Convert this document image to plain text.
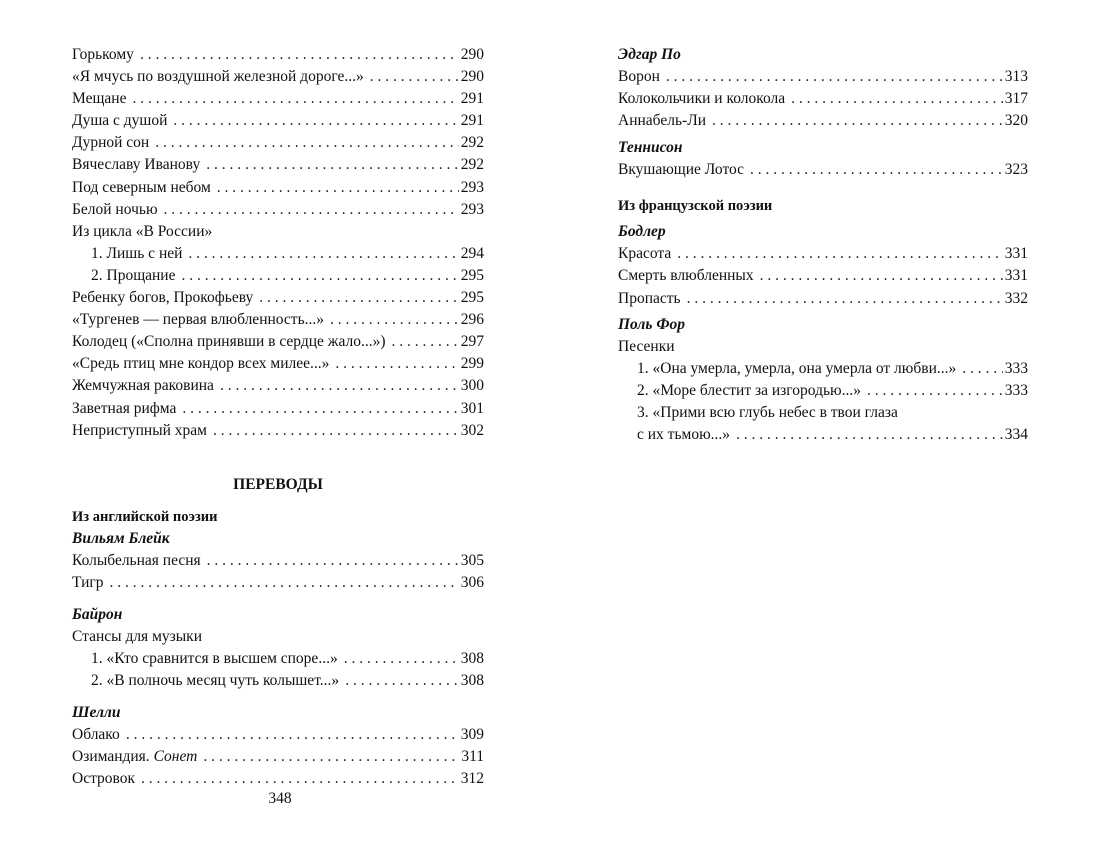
Горькому . . .	290
«Я мчусь по воздушной железной дороге...» . . .	290
Мещане . . .	291
Душа с душой . . .	291
Дурной сон . . .	292
Вячеславу Иванову . . .	292
Под северным небом . . .	293
Белой ночью . . .	293
Из цикла «В России»
1. Лишь с ней . . .	294
2. Прощание . . .	295
Ребенку богов, Прокофьеву . . .	295
«Тургенев — первая влюбленность...» . . .	296
Колодец («Сполна принявши в сердце жало...») . . .	297
«Средь птиц мне кондор всех милее...» . . .	299
Жемчужная раковина . . .	300
Заветная рифма . . .	301
Неприступный храм . . .	302
ПЕРЕВОДЫ
Из английской поэзии
Вильям Блейк
Колыбельная песня . . .	305
Тигр . . .	306
Байрон
Стансы для музыки
1. «Кто сравнится в высшем споре...» . . .	308
2. «В полночь месяц чуть колышет...» . . .	308
Шелли
Облако . . .	309
Озимандия. Сонет . . .	311
Островок . . .	312
348
Эдгар По
Ворон . . .	313
Колокольчики и колокола . . .	317
Аннабель-Ли . . .	320
Теннисон
Вкушающие Лотос . . .	323
Из французской поэзии
Бодлер
Красота . . .	331
Смерть влюбленных . . .	331
Пропасть . . .	332
Поль Фор
Песенки
1. «Она умерла, умерла, она умерла от любви...» . . .	333
2. «Море блестит за изгородью...» . . .	333
3. «Прими всю глубь небес в твои глаза
с их тьмою...» . . .	334
